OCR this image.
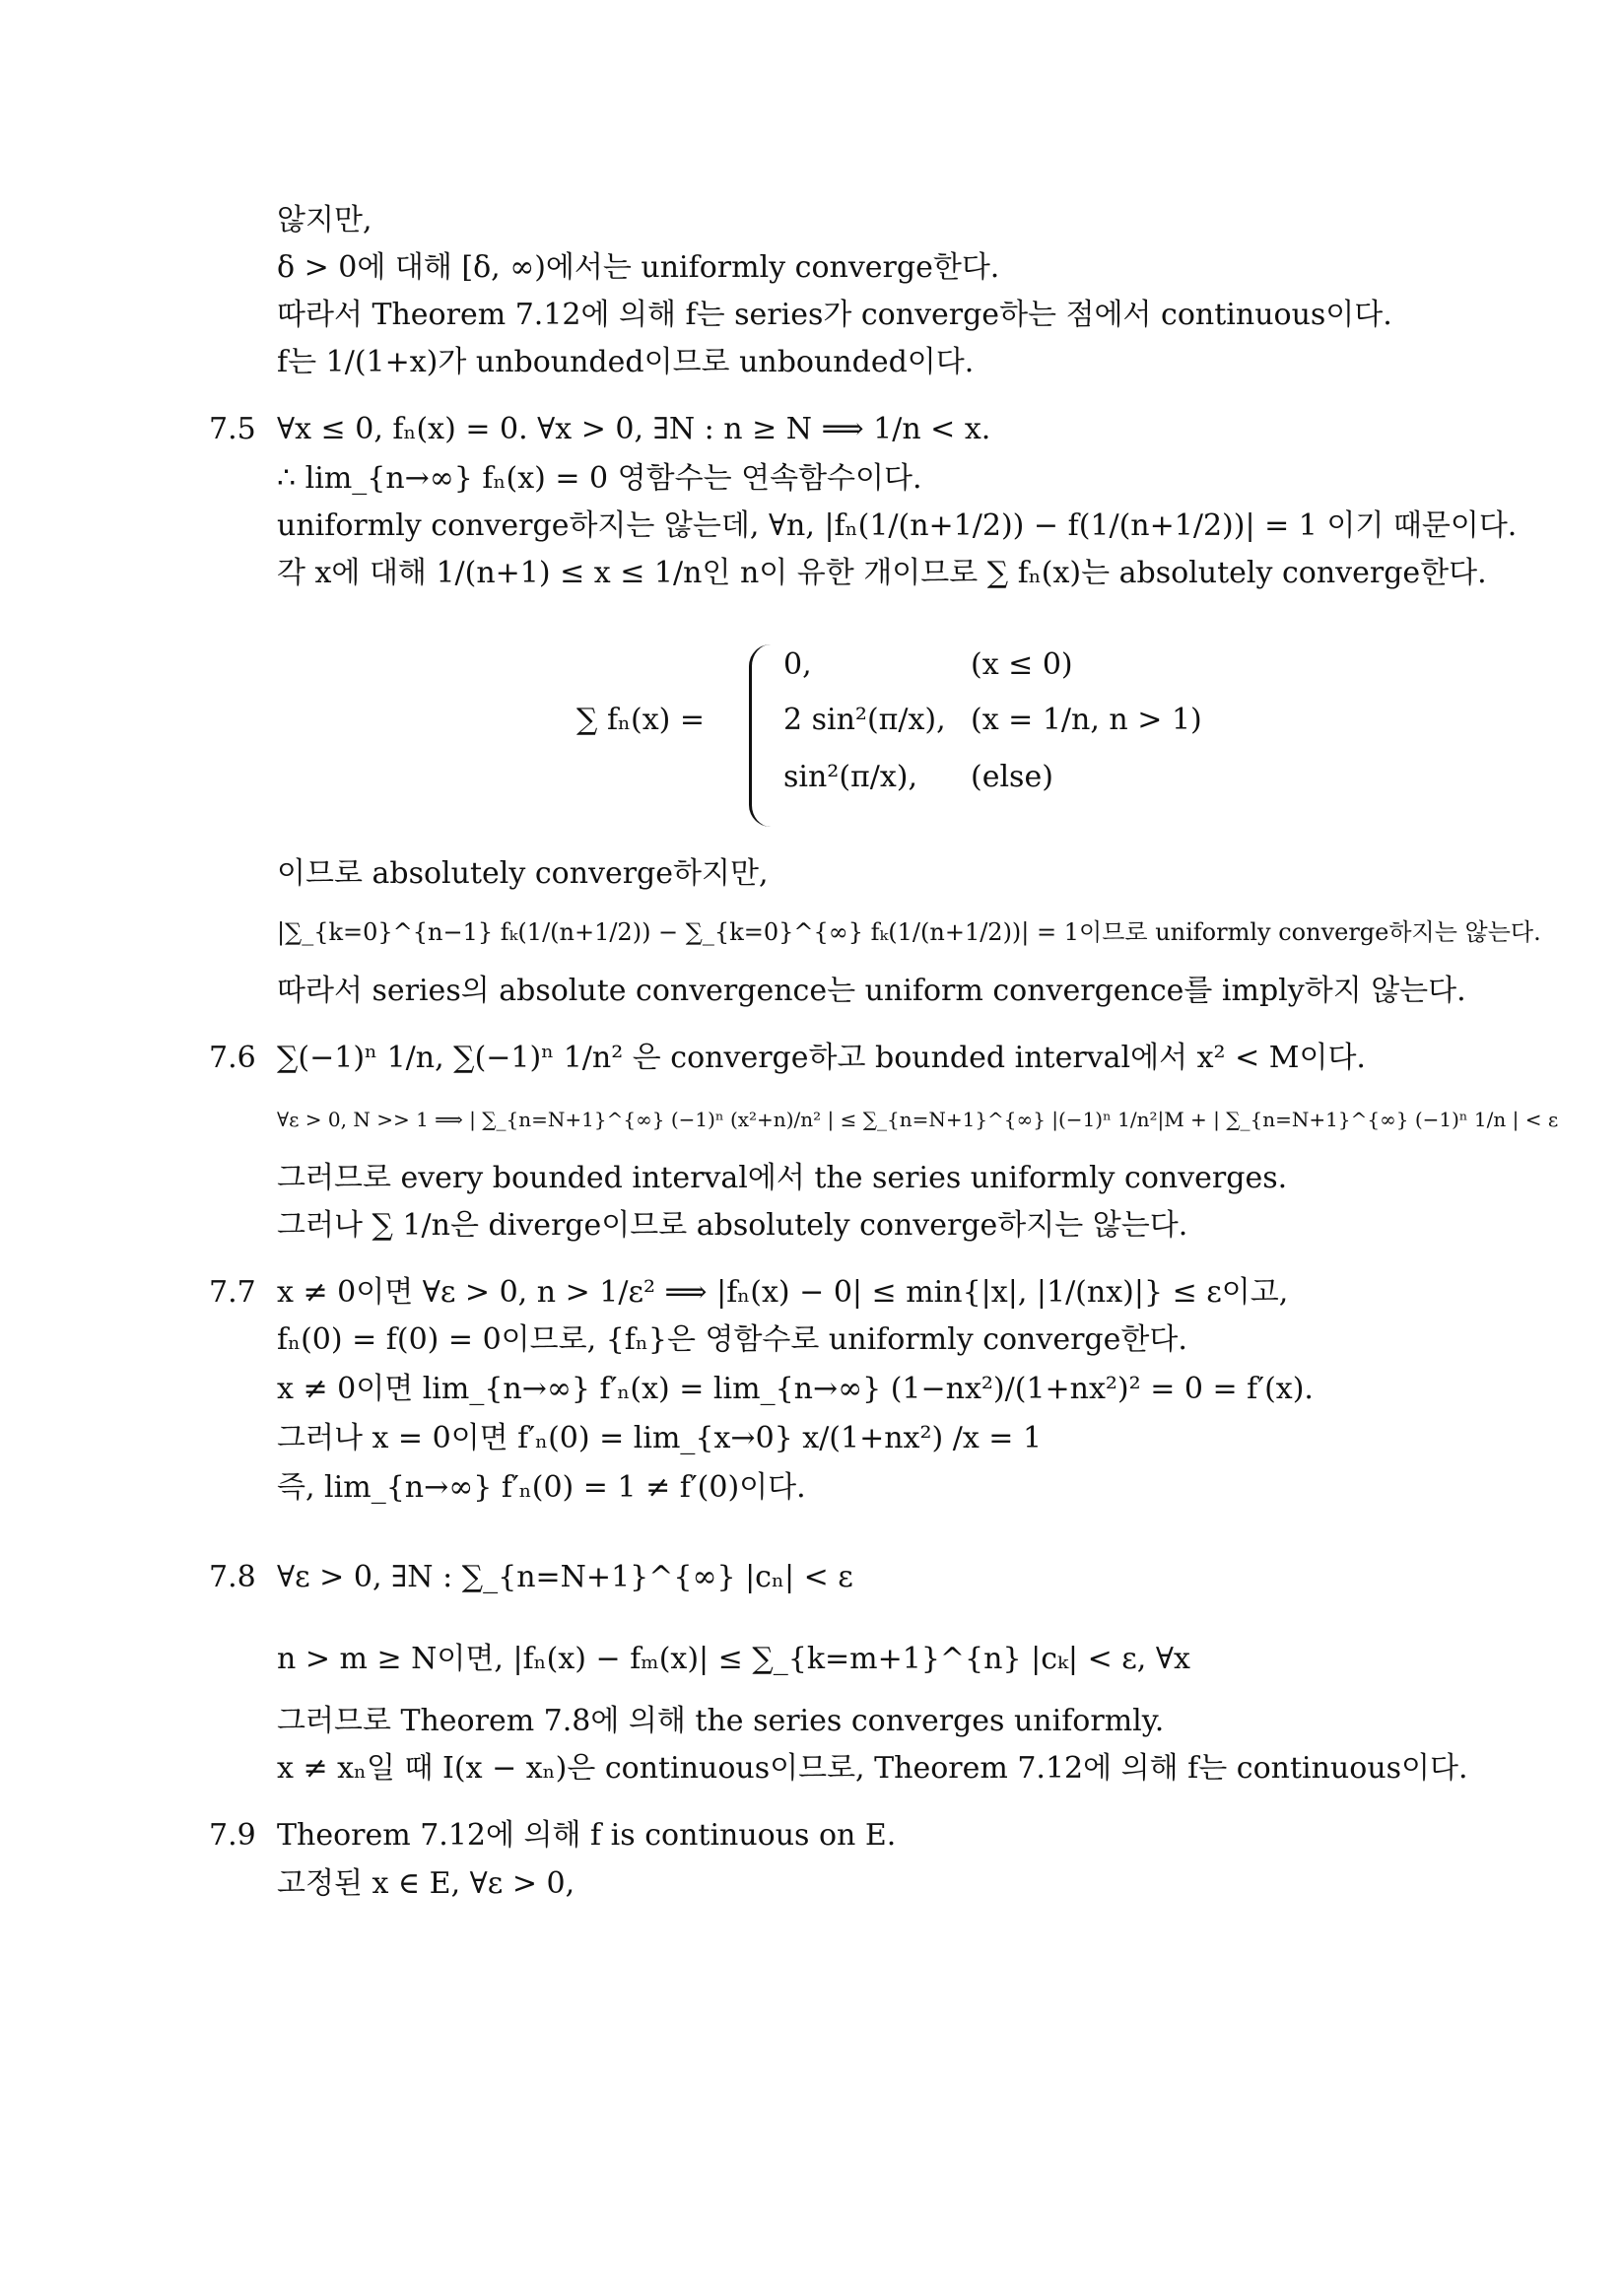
않지만,
δ > 0에 대해 [δ, ∞)에서는 uniformly converge한다.
따라서 Theorem 7.12에 의해 f는 series가 converge하는 점에서 continuous이다.
f는 1/(1+x)가 unbounded이므로 unbounded이다.
7.5 ∀x ≤ 0, fₙ(x) = 0. ∀x > 0, ∃N : n ≥ N ⟹ 1/n < x.
∴ lim_{n→∞} fₙ(x) = 0 영함수는 연속함수이다.
uniformly converge하지는 않는데, ∀n, |fₙ(1/(n+1/2)) − f(1/(n+1/2))| = 1 이기 때문이다.
각 x에 대해 1/(n+1) ≤ x ≤ 1/n인 n이 유한 개이므로 ∑ fₙ(x)는 absolutely converge한다.
∑ fₙ(x) =
0,	(x ≤ 0)
2 sin²(π/x), (x = 1/n, n > 1)
sin²(π/x), (else)
이므로 absolutely converge하지만,
|∑_{k=0}^{n−1} fₖ(1/(n+1/2)) − ∑_{k=0}^{∞} fₖ(1/(n+1/2))| = 1이므로 uniformly converge하지는 않는다.
따라서 series의 absolute convergence는 uniform convergence를 imply하지 않는다.
7.6 ∑(−1)ⁿ 1/n, ∑(−1)ⁿ 1/n² 은 converge하고 bounded interval에서 x² < M이다.
∀ε > 0, N >> 1 ⟹ | ∑_{n=N+1}^{∞} (−1)ⁿ (x²+n)/n² | ≤ ∑_{n=N+1}^{∞} |(−1)ⁿ 1/n²|M + | ∑_{n=N+1}^{∞} (−1)ⁿ 1/n | < ε
그러므로 every bounded interval에서 the series uniformly converges.
그러나 ∑ 1/n은 diverge이므로 absolutely converge하지는 않는다.
7.7 x ≠ 0이면 ∀ε > 0, n > 1/ε² ⟹ |fₙ(x) − 0| ≤ min{|x|, |1/(nx)|} ≤ ε이고,
fₙ(0) = f(0) = 0이므로, {fₙ}은 영함수로 uniformly converge한다.
x ≠ 0이면 lim_{n→∞} f′ₙ(x) = lim_{n→∞} (1−nx²)/(1+nx²)² = 0 = f′(x).
그러나 x = 0이면 f′ₙ(0) = lim_{x→0} x/(1+nx²) /x = 1
즉, lim_{n→∞} f′ₙ(0) = 1 ≠ f′(0)이다.
7.8 ∀ε > 0, ∃N : ∑_{n=N+1}^{∞} |cₙ| < ε
n > m ≥ N이면, |fₙ(x) − fₘ(x)| ≤ ∑_{k=m+1}^{n} |cₖ| < ε, ∀x
그러므로 Theorem 7.8에 의해 the series converges uniformly.
x ≠ xₙ일 때 I(x − xₙ)은 continuous이므로, Theorem 7.12에 의해 f는 continuous이다.
7.9 Theorem 7.12에 의해 f is continuous on E.
고정된 x ∈ E, ∀ε > 0,
